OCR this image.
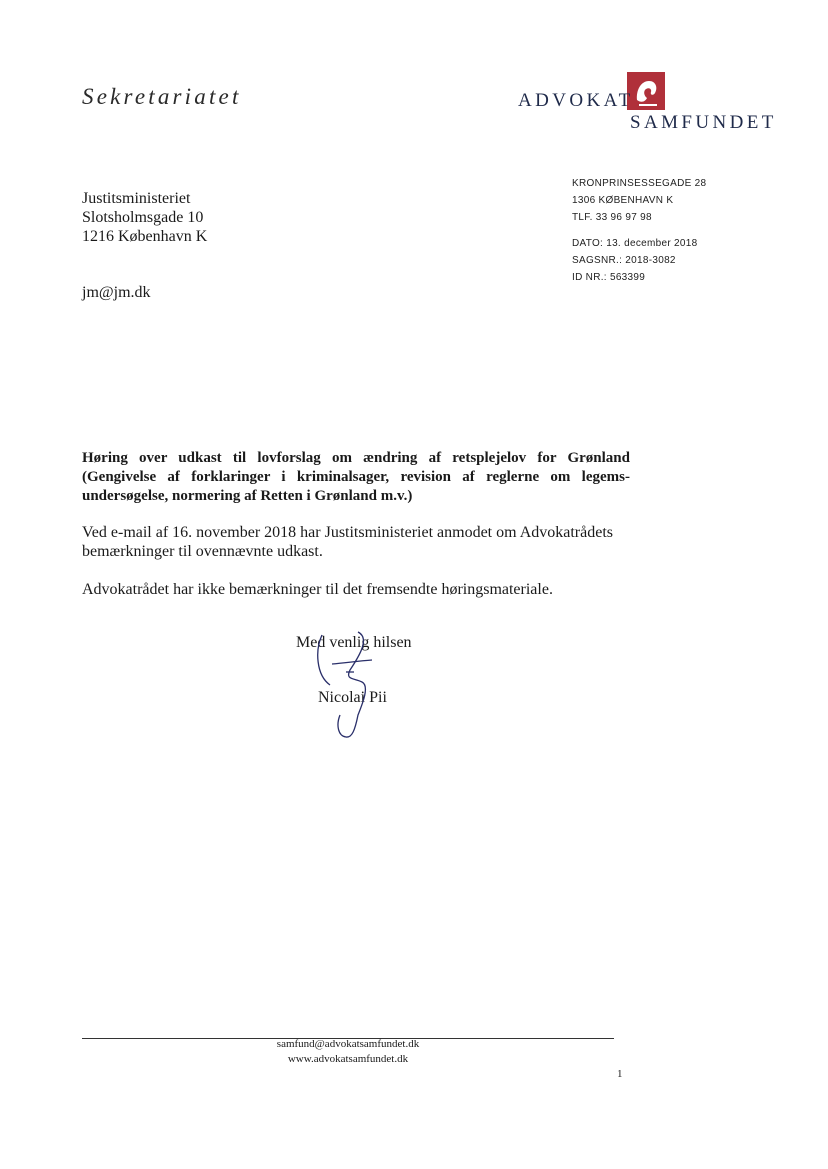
Sekretariatet	ADVOKAT
SAMFUNDET
KRONPRINSESSEGADE 28
1306 KØBENHAVN K
TLF. 33 96 97 98
DATO: 13. december 2018
SAGSNR.: 2018-3082
ID NR.: 563399
Justitsministeriet
Slotsholmsgade 10
1216 København K
jm@jm.dk
Høring over udkast til lovforslag om ændring af retsplejelov for Grønland
(Gengivelse af forklaringer i kriminalsager, revision af reglerne om legems-
undersøgelse, normering af Retten i Grønland m.v.)
Ved e-mail af 16. november 2018 har Justitsministeriet anmodet om Advokatrådets
bemærkninger til ovennævnte udkast.
Advokatrådet har ikke bemærkninger til det fremsendte høringsmateriale.
Med venlig hilsen
Nicolai Pii
samfund@advokatsamfundet.dk
www.advokatsamfundet.dk
1
